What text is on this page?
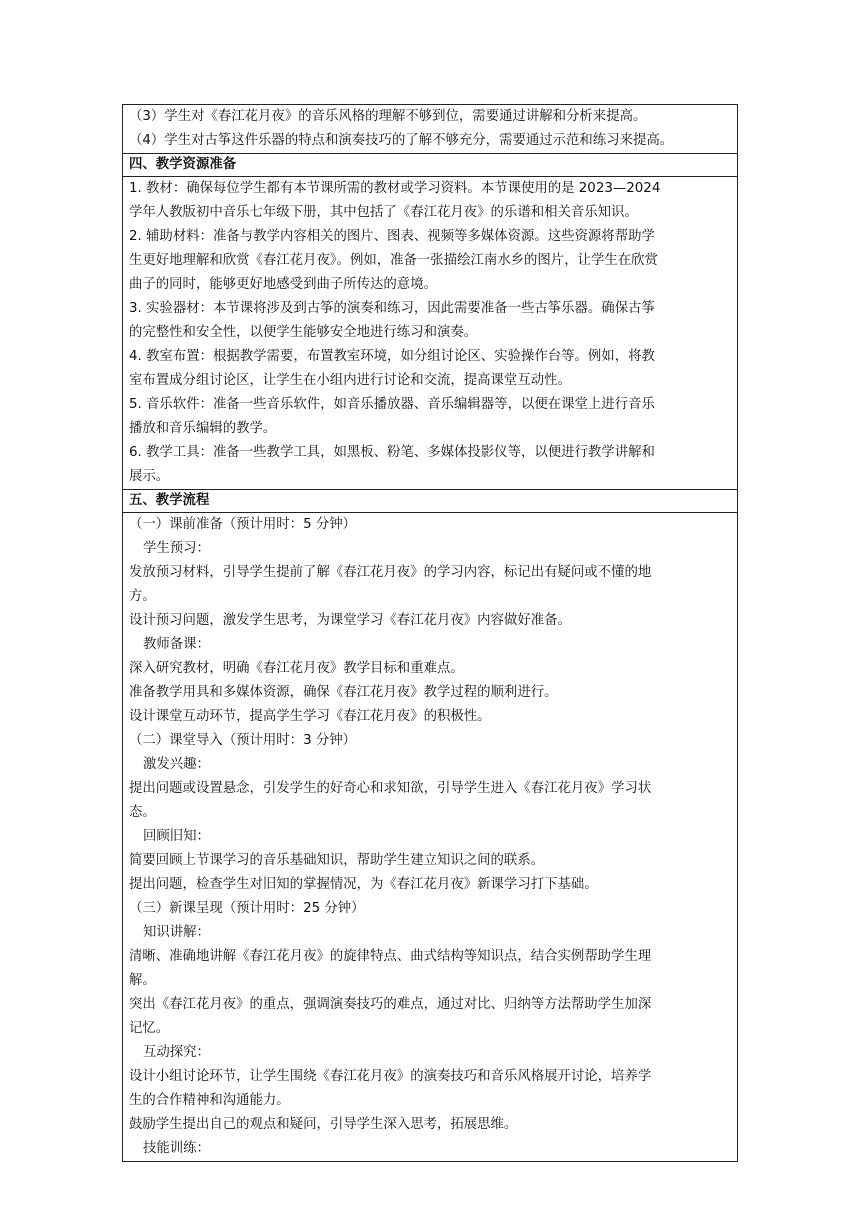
（3）学生对《春江花月夜》的音乐风格的理解不够到位，需要通过讲解和分析来提高。
（4）学生对古筝这件乐器的特点和演奏技巧的了解不够充分，需要通过示范和练习来提高。

四、教学资源准备

1. 教材：确保每位学生都有本节课所需的教材或学习资料。本节课使用的是 2023—2024
学年人教版初中音乐七年级下册，其中包括了《春江花月夜》的乐谱和相关音乐知识。
2. 辅助材料：准备与教学内容相关的图片、图表、视频等多媒体资源。这些资源将帮助学
生更好地理解和欣赏《春江花月夜》。例如，准备一张描绘江南水乡的图片，让学生在欣赏
曲子的同时，能够更好地感受到曲子所传达的意境。
3. 实验器材：本节课将涉及到古筝的演奏和练习，因此需要准备一些古筝乐器。确保古筝
的完整性和安全性，以便学生能够安全地进行练习和演奏。
4. 教室布置：根据教学需要，布置教室环境，如分组讨论区、实验操作台等。例如，将教
室布置成分组讨论区，让学生在小组内进行讨论和交流，提高课堂互动性。
5. 音乐软件：准备一些音乐软件，如音乐播放器、音乐编辑器等，以便在课堂上进行音乐
播放和音乐编辑的教学。
6. 教学工具：准备一些教学工具，如黑板、粉笔、多媒体投影仪等，以便进行教学讲解和
展示。

五、教学流程

（一）课前准备（预计用时：5 分钟）
学生预习：
发放预习材料，引导学生提前了解《春江花月夜》的学习内容，标记出有疑问或不懂的地
方。
设计预习问题，激发学生思考，为课堂学习《春江花月夜》内容做好准备。
教师备课：
深入研究教材，明确《春江花月夜》教学目标和重难点。
准备教学用具和多媒体资源，确保《春江花月夜》教学过程的顺利进行。
设计课堂互动环节，提高学生学习《春江花月夜》的积极性。
（二）课堂导入（预计用时：3 分钟）
激发兴趣：
提出问题或设置悬念，引发学生的好奇心和求知欲，引导学生进入《春江花月夜》学习状
态。
回顾旧知：
简要回顾上节课学习的音乐基础知识，帮助学生建立知识之间的联系。
提出问题，检查学生对旧知的掌握情况，为《春江花月夜》新课学习打下基础。
（三）新课呈现（预计用时：25 分钟）
知识讲解：
清晰、准确地讲解《春江花月夜》的旋律特点、曲式结构等知识点，结合实例帮助学生理
解。
突出《春江花月夜》的重点，强调演奏技巧的难点，通过对比、归纳等方法帮助学生加深
记忆。
互动探究：
设计小组讨论环节，让学生围绕《春江花月夜》的演奏技巧和音乐风格展开讨论，培养学
生的合作精神和沟通能力。
鼓励学生提出自己的观点和疑问，引导学生深入思考，拓展思维。
技能训练：
